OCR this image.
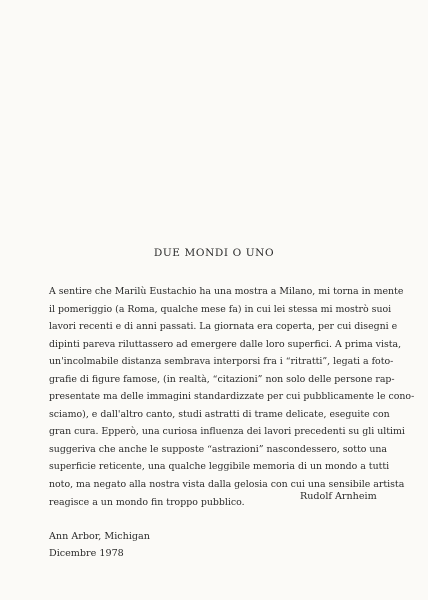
DUE MONDI O UNO
A sentire che Marilù Eustachio ha una mostra a Milano, mi torna in mente
il pomeriggio (a Roma, qualche mese fa) in cui lei stessa mi mostrò suoi
lavori recenti e di anni passati. La giornata era coperta, per cui disegni e
dipinti pareva riluttassero ad emergere dalle loro superfici. A prima vista,
un'incolmabile distanza sembrava interporsi fra i “ritratti”, legati a foto-
grafie di figure famose, (in realtà, “citazioni” non solo delle persone rap-
presentate ma delle immagini standardizzate per cui pubblicamente le cono-
sciamo), e dall'altro canto, studi astratti di trame delicate, eseguite con
gran cura. Epperò, una curiosa influenza dei lavori precedenti su gli ultimi
suggeriva che anche le supposte “astrazioni” nascondessero, sotto una
superficie reticente, una qualche leggibile memoria di un mondo a tutti
noto, ma negato alla nostra vista dalla gelosia con cui una sensibile artista
reagisce a un mondo fin troppo pubblico.
Rudolf Arnheim
Ann Arbor, Michigan
Dicembre 1978
